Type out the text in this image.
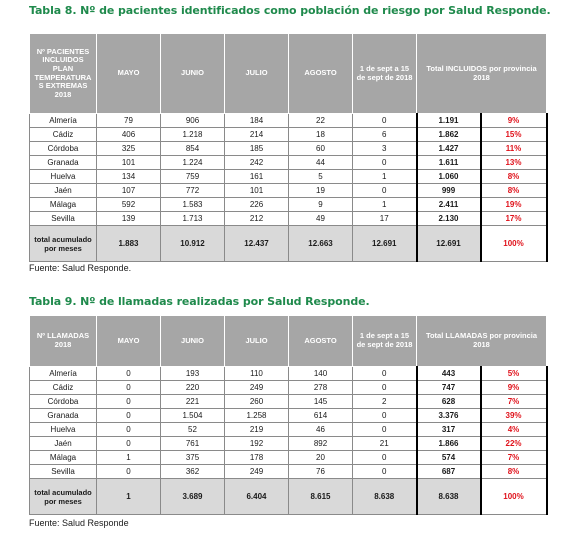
Tabla 8. Nº de pacientes identificados como población de riesgo por Salud Responde.
Nº PACIENTES INCLUIDOS PLAN TEMPERATURA S EXTREMAS 2018	MAYO	JUNIO	JULIO	AGOSTO	1 de sept a 15 de sept de 2018	Total INCLUIDOS por provincia 2018	
Almería	79	906	184	22	0	1.191	9%
Cádiz	406	1.218	214	18	6	1.862	15%
Córdoba	325	854	185	60	3	1.427	11%
Granada	101	1.224	242	44	0	1.611	13%
Huelva	134	759	161	5	1	1.060	8%
Jaén	107	772	101	19	0	999	8%
Málaga	592	1.583	226	9	1	2.411	19%
Sevilla	139	1.713	212	49	17	2.130	17%
total acumulado por meses	1.883	10.912	12.437	12.663	12.691	12.691	100%
Fuente: Salud Responde.
Tabla 9. Nº de llamadas realizadas por Salud Responde.
Nº LLAMADAS 2018	MAYO	JUNIO	JULIO	AGOSTO	1 de sept a 15 de sept de 2018	Total LLAMADAS por provincia 2018	
Almería	0	193	110	140	0	443	5%
Cádiz	0	220	249	278	0	747	9%
Córdoba	0	221	260	145	2	628	7%
Granada	0	1.504	1.258	614	0	3.376	39%
Huelva	0	52	219	46	0	317	4%
Jaén	0	761	192	892	21	1.866	22%
Málaga	1	375	178	20	0	574	7%
Sevilla	0	362	249	76	0	687	8%
total acumulado por meses	1	3.689	6.404	8.615	8.638	8.638	100%
Fuente: Salud Responde
